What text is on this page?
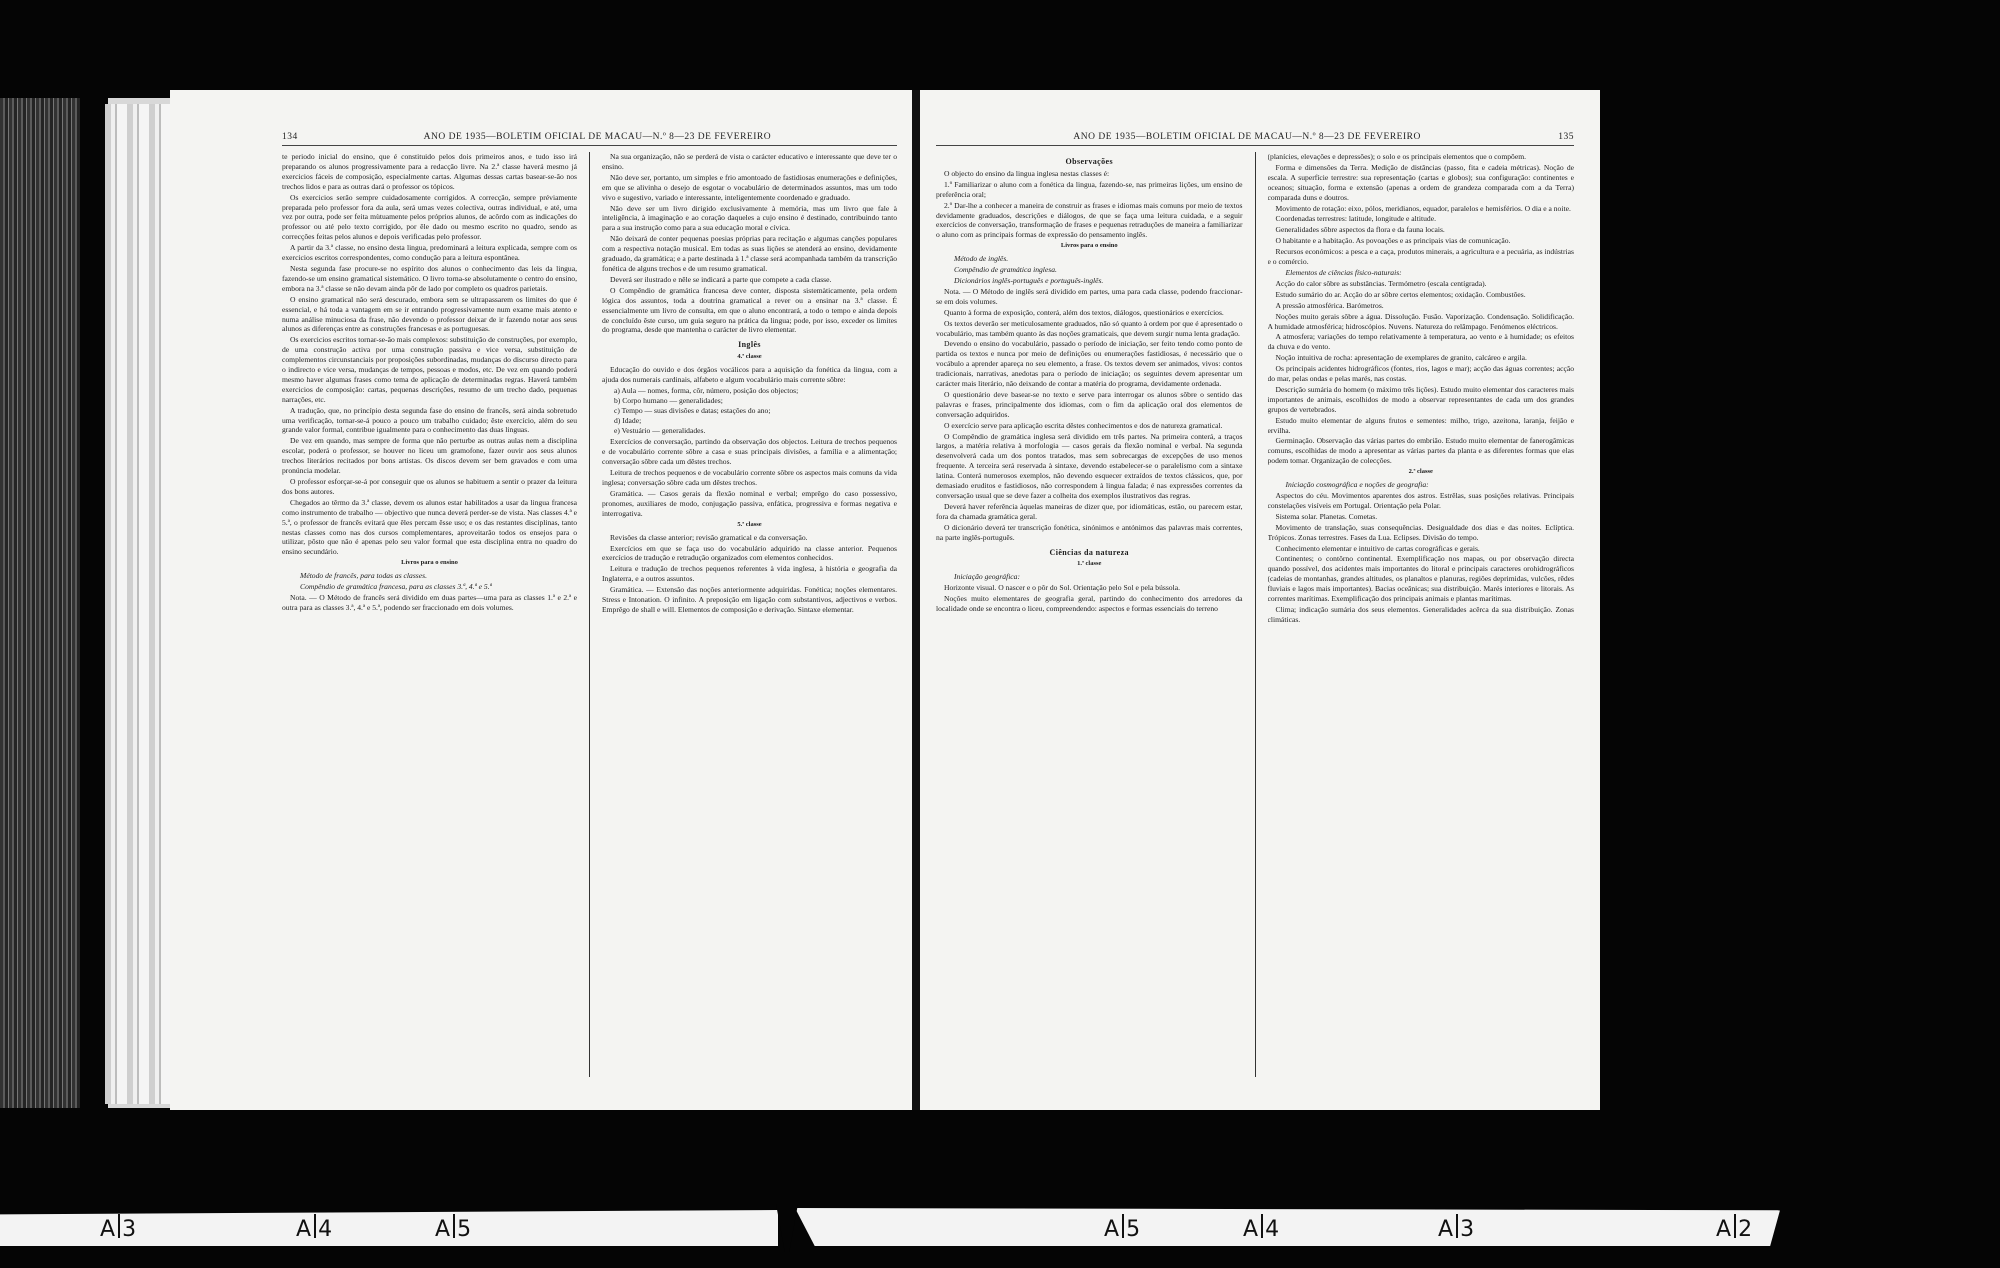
134	ANO DE 1935—BOLETIM OFICIAL DE MACAU—N.º 8—23 DE FEVEREIRO

te periodo inicial do ensino, que é constituido pelos dois primeiros anos, e tudo isso irá preparando os alunos progressivamente para a redacção livre. Na 2.ª classe haverá mesmo já exercicios fáceis de composição, especialmente cartas. Algumas dessas cartas basear-se-ão nos trechos lidos e para as outras dará o professor os tópicos.

Os exercicios serão sempre cuidadosamente corrigidos. A correcção, sempre préviamente preparada pelo professor fora da aula, será umas vezes colectiva, outras individual, e até, uma vez por outra, pode ser feita mùtuamente pelos próprios alunos, de acôrdo com as indicações do professor ou até pelo texto corrigido, por êle dado ou mesmo escrito no quadro, sendo as correcções feitas pelos alunos e depois verificadas pelo professor.

A partir da 3.ª classe, no ensino desta lingua, predominará a leitura explicada, sempre com os exercicios escritos correspondentes, como condução para a leitura espontânea.

Nesta segunda fase procure-se no espírito dos alunos o conhecimento das leis da lingua, fazendo-se um ensino gramatical sistemático. O livro torna-se absolutamente o centro do ensino, embora na 3.ª classe se não devam ainda pôr de lado por completo os quadros parietais.

O ensino gramatical não será descurado, embora sem se ultrapassarem os limites do que é essencial, e há toda a vantagem em se ir entrando progressivamente num exame mais atento e numa análise minuciosa da frase, não devendo o professor deixar de ir fazendo notar aos seus alunos as diferenças entre as construções francesas e as portuguesas.

Os exercicios escritos tornar-se-ão mais complexos: substituição de construções, por exemplo, de uma construção activa por uma construção passiva e vice versa, substituição de complementos circunstanciais por proposições subordinadas, mudanças do discurso directo para o indirecto e vice versa, mudanças de tempos, pessoas e modos, etc. De vez em quando poderá mesmo haver algumas frases como tema de aplicação de determinadas regras. Haverá também exercicios de composição: cartas, pequenas descrições, resumo de um trecho dado, pequenas narrações, etc.

A tradução, que, no princípio desta segunda fase do ensino de francês, será ainda sobretudo uma verificação, tornar-se-á pouco a pouco um trabalho cuidado; êste exercício, além do seu grande valor formal, contribue igualmente para o conhecimento das duas linguas.

De vez em quando, mas sempre de forma que não perturbe as outras aulas nem a disciplina escolar, poderá o professor, se houver no liceu um gramofone, fazer ouvir aos seus alunos trechos literários recitados por bons artistas. Os discos devem ser bem gravados e com uma pronúncia modelar.

O professor esforçar-se-á por conseguir que os alunos se habituem a sentir o prazer da leitura dos bons autores.

Chegados ao têrmo da 3.ª classe, devem os alunos estar habilitados a usar da lingua francesa como instrumento de trabalho — objectivo que nunca deverá perder-se de vista. Nas classes 4.ª e 5.ª, o professor de francês evitará que êles percam êsse uso; e os das restantes disciplinas, tanto nestas classes como nas dos cursos complementares, aproveitarão todos os ensejos para o utilizar, pôsto que não é apenas pelo seu valor formal que esta disciplina entra no quadro do ensino secundário.

Livros para o ensino

Método de francês, para todas as classes.

Compêndio de gramática francesa, para as classes 3.ª, 4.ª e 5.ª

Nota. — O Método de francês será dividido em duas partes—uma para as classes 1.ª e 2.ª e outra para as classes 3.ª, 4.ª e 5.ª, podendo ser fraccionado em dois volumes.

Na sua organização, não se perderá de vista o carácter educativo e interessante que deve ter o ensino.

Não deve ser, portanto, um simples e frio amontoado de fastidiosas enumerações e definições, em que se alivinha o desejo de esgotar o vocabulário de determinados assuntos, mas um todo vivo e sugestivo, variado e interessante, inteligentemente coordenado e graduado.

Não deve ser um livro dirigido exclusivamente à memória, mas um livro que fale à inteligência, à imaginação e ao coração daqueles a cujo ensino é destinado, contribuindo tanto para a sua instrução como para a sua educação moral e cívica.

Não deixará de conter pequenas poesias próprias para recitação e algumas canções populares com a respectiva notação musical. Em todas as suas lições se atenderá ao ensino, devidamente graduado, da gramática; e a parte destinada à 1.ª classe será acompanhada também da transcrição fonética de alguns trechos e de um resumo gramatical.

Deverá ser ilustrado e nêle se indicará a parte que compete a cada classe.

O Compêndio de gramática francesa deve conter, disposta sistemàticamente, pela ordem lógica dos assuntos, toda a doutrina gramatical a rever ou a ensinar na 3.ª classe. É essencialmente um livro de consulta, em que o aluno encontrará, a todo o tempo e ainda depois de concluído êste curso, um guia seguro na prática da lingua; pode, por isso, exceder os limites do programa, desde que mantenha o carácter de livro elementar.

Inglês
4.ª classe

Educação do ouvido e dos órgãos vocálicos para a aquisição da fonética da lingua, com a ajuda dos numerais cardinais, alfabeto e algum vocabulário mais corrente sôbre:

a) Aula — nomes, forma, côr, número, posição dos objectos;
b) Corpo humano — generalidades;
c) Tempo — suas divisões e datas; estações do ano;
d) Idade;
e) Vestuário — generalidades.

Exercícios de conversação, partindo da observação dos objectos. Leitura de trechos pequenos e de vocabulário corrente sôbre a casa e suas principais divisões, a família e a alimentação; conversação sôbre cada um dêstes trechos.

Leitura de trechos pequenos e de vocabulário corrente sôbre os aspectos mais comuns da vida inglesa; conversação sôbre cada um dêstes trechos.

Gramática. — Casos gerais da flexão nominal e verbal; emprêgo do caso possessivo, pronomes, auxiliares de modo, conjugação passiva, enfática, progressiva e formas negativa e interrogativa.

5.ª classe

Revisões da classe anterior; revisão gramatical e da conversação.

Exercícios em que se faça uso do vocabulário adquirido na classe anterior. Pequenos exercícios de tradução e retradução organizados com elementos conhecidos.

Leitura e tradução de trechos pequenos referentes à vida inglesa, à história e geografia da Inglaterra, e a outros assuntos.

Gramática. — Extensão das noções anteriormente adquiridas. Fonética; noções elementares. Stress e Intonation. O infinito. A preposição em ligação com substantivos, adjectivos e verbos. Emprêgo de shall e will. Elementos de composição e derivação. Sintaxe elementar.

ANO DE 1935—BOLETIM OFICIAL DE MACAU—N.º 8—23 DE FEVEREIRO	135
Observações

O objecto do ensino da lingua inglesa nestas classes é:

1.º Familiarizar o aluno com a fonética da lingua, fazendo-se, nas primeiras lições, um ensino de preferência oral;

2.º Dar-lhe a conhecer a maneira de construir as frases e idiomas mais comuns por meio de textos devidamente graduados, descrições e diálogos, de que se faça uma leitura cuidada, e a seguir exercícios de conversação, transformação de frases e pequenas retraduções de maneira a familiarizar o aluno com as principais formas de expressão do pensamento inglês.

Livros para o ensino

Método de inglês.

Compêndio de gramática inglesa.

Dicionários inglês-português e português-inglês.

Nota. — O Método de inglês será dividido em partes, uma para cada classe, podendo fraccionar-se em dois volumes.

Quanto à forma de exposição, conterá, além dos textos, diálogos, questionários e exercícios.

Os textos deverão ser meticulosamente graduados, não só quanto à ordem por que é apresentado o vocabulário, mas também quanto às das noções gramaticais, que devem surgir numa lenta gradação.

Devendo o ensino do vocabulário, passado o período de iniciação, ser feito tendo como ponto de partida os textos e nunca por meio de definições ou enumerações fastidiosas, é necessário que o vocábulo a aprender apareça no seu elemento, a frase. Os textos devem ser animados, vivos: contos tradicionais, narrativas, anedotas para o período de iniciação; os seguintes devem apresentar um carácter mais literário, não deixando de contar a matéria do programa, devidamente ordenada.

O questionário deve basear-se no texto e serve para interrogar os alunos sôbre o sentido das palavras e frases, principalmente dos idiomas, com o fim da aplicação oral dos elementos de conversação adquiridos.

O exercício serve para aplicação escrita dêstes conhecimentos e dos de natureza gramatical.

O Compêndio de gramática inglesa será dividido em três partes. Na primeira conterá, a traços largos, a matéria relativa à morfologia — casos gerais da flexão nominal e verbal. Na segunda desenvolverá cada um dos pontos tratados, mas sem sobrecargas de excepções de uso menos frequente. A terceira será reservada à sintaxe, devendo estabelecer-se o paralelismo com a sintaxe latina. Conterá numerosos exemplos, não devendo esquecer extraídos de textos clássicos, que, por demasiado eruditos e fastidiosos, não correspondem à lingua falada; é nas expressões correntes da conversação usual que se deve fazer a colheita dos exemplos ilustrativos das regras.

Deverá haver referência àquelas maneiras de dizer que, por idiomáticas, estão, ou parecem estar, fora da chamada gramática geral.

O dicionário deverá ter transcrição fonética, sinónimos e antónimos das palavras mais correntes, na parte inglês-português.

Ciências da natureza
1.ª classe

Iniciação geográfica:

Horizonte visual. O nascer e o pôr do Sol. Orientação pelo Sol e pela bússola.

Noções muito elementares de geografia geral, partindo do conhecimento dos arredores da localidade onde se encontra o liceu, compreendendo: aspectos e formas essenciais do terreno

(planícies, elevações e depressões); o solo e os principais elementos que o compõem.

Forma e dimensões da Terra. Medição de distâncias (passo, fita e cadeia métricas). Noção de escala. A superfície terrestre: sua representação (cartas e globos); sua configuração: continentes e oceanos; situação, forma e extensão (apenas a ordem de grandeza comparada com a da Terra) comparada duns e doutros.

Movimento de rotação: eixo, pólos, meridianos, equador, paralelos e hemisférios. O dia e a noite.

Coordenadas terrestres: latitude, longitude e altitude.

Generalidades sôbre aspectos da flora e da fauna locais.

O habitante e a habitação. As povoações e as principais vias de comunicação.

Recursos económicos: a pesca e a caça, produtos minerais, a agricultura e a pecuária, as indústrias e o comércio.

Elementos de ciências físico-naturais:

Acção do calor sôbre as substâncias. Termómetro (escala centígrada).

Estudo sumário do ar. Acção do ar sôbre certos elementos; oxidação. Combustões.

A pressão atmosférica. Barómetros.

Noções muito gerais sôbre a água. Dissolução. Fusão. Vaporização. Condensação. Solidificação. A humidade atmosférica; hidroscópios. Nuvens. Natureza do relâmpago. Fenómenos eléctricos.

A atmosfera; variações do tempo relativamente à temperatura, ao vento e à humidade; os efeitos da chuva e do vento.

Noção intuitiva de rocha: apresentação de exemplares de granito, calcáreo e argila.

Os principais acidentes hidrográficos (fontes, rios, lagos e mar); acção das águas correntes; acção do mar, pelas ondas e pelas marés, nas costas.

Descrição sumária do homem (o máximo três lições). Estudo muito elementar dos caracteres mais importantes de animais, escolhidos de modo a observar representantes de cada um dos grandes grupos de vertebrados.

Estudo muito elementar de alguns frutos e sementes: milho, trigo, azeitona, laranja, feijão e ervilha.

Germinação. Observação das várias partes do embrião. Estudo muito elementar de fanerogâmicas comuns, escolhidas de modo a apresentar as várias partes da planta e as diferentes formas que elas podem tomar. Organização de colecções.

2.ª classe

Iniciação cosmográfica e noções de geografia:

Aspectos do céu. Movimentos aparentes dos astros. Estrêlas, suas posições relativas. Principais constelações visíveis em Portugal. Orientação pela Polar.

Sistema solar. Planetas. Cometas.

Movimento de translação, suas consequências. Desigualdade dos dias e das noites. Eclíptica. Trópicos. Zonas terrestres. Fases da Lua. Eclipses. Divisão do tempo.

Conhecimento elementar e intuitivo de cartas corográficas e gerais.

Continentes; o contôrno continental. Exemplificação nos mapas, ou por observação directa quando possível, dos acidentes mais importantes do litoral e principais caracteres orohidrográficos (cadeias de montanhas, grandes altitudes, os planaltos e planuras, regiões deprimidas, vulcões, rêdes fluviais e lagos mais importantes). Bacias oceânicas; sua distribuição. Marés interiores e litorais. As correntes marítimas. Exemplificação dos principais animais e plantas marítimas.

Clima; indicação sumária dos seus elementos. Generalidades acêrca da sua distribuição. Zonas climáticas.

A 3	A 4	A 5	A 5	A 4	A 3	A 2
